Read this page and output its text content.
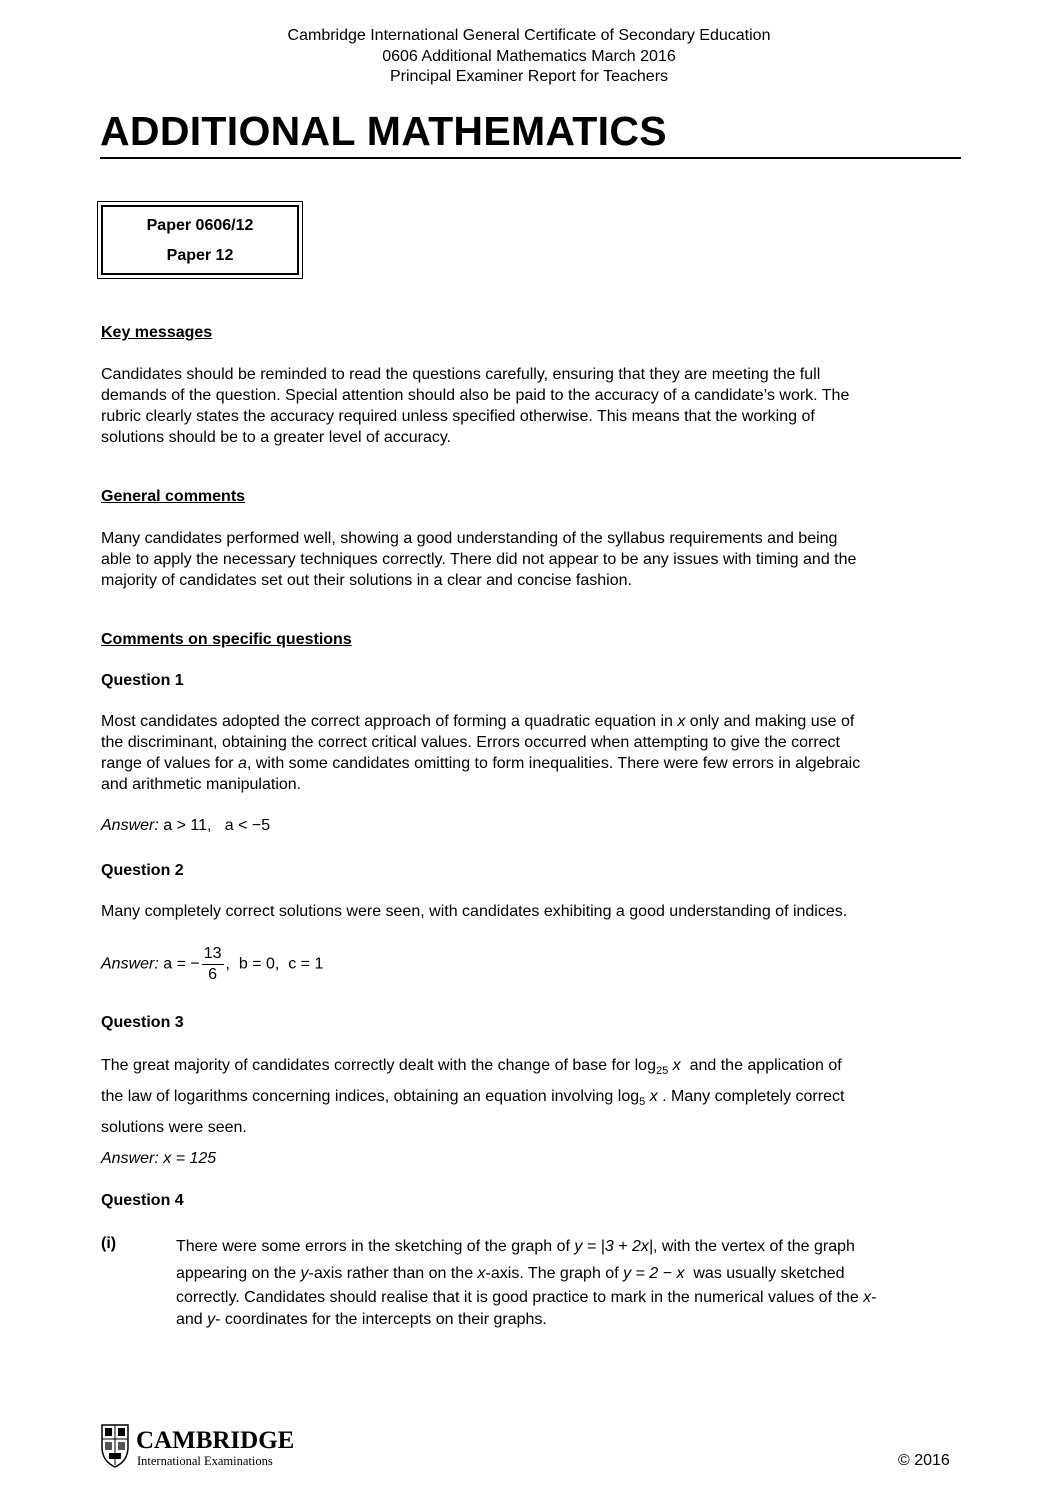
Cambridge International General Certificate of Secondary Education
0606 Additional Mathematics March 2016
Principal Examiner Report for Teachers
ADDITIONAL MATHEMATICS
Paper 0606/12
Paper 12
Key messages

Candidates should be reminded to read the questions carefully, ensuring that they are meeting the full

demands of the question. Special attention should also be paid to the accuracy of a candidate’s work. The

rubric clearly states the accuracy required unless specified otherwise. This means that the working of

solutions should be to a greater level of accuracy.

General comments

Many candidates performed well, showing a good understanding of the syllabus requirements and being

able to apply the necessary techniques correctly. There did not appear to be any issues with timing and the

majority of candidates set out their solutions in a clear and concise fashion.

Comments on specific questions
Question 1

Most candidates adopted the correct approach of forming a quadratic equation in x only and making use of

the discriminant, obtaining the correct critical values. Errors occurred when attempting to give the correct

range of values for a, with some candidates omitting to form inequalities. There were few errors in algebraic

and arithmetic manipulation.

Answer: a > 11,   a < −5
Question 2

Many completely correct solutions were seen, with candidates exhibiting a good understanding of indices.

Answer: a = − $\frac{13}{6}$ ,  b = 0,  c = 1
Question 3

The great majority of candidates correctly dealt with the change of base for $\log_{25} x$  and the application of

the law of logarithms concerning indices, obtaining an equation involving $\log_5 x$ . Many completely correct

solutions were seen.

Answer: x = 125
Question 4
(i)	There were some errors in the sketching of the graph of y = |3 + 2x|, with the vertex of the graph
appearing on the y-axis rather than on the x-axis. The graph of y = 2 − x  was usually sketched
correctly. Candidates should realise that it is good practice to mark in the numerical values of the x-
and y- coordinates for the intercepts on their graphs.
CAMBRIDGE
International Examinations	© 2016
